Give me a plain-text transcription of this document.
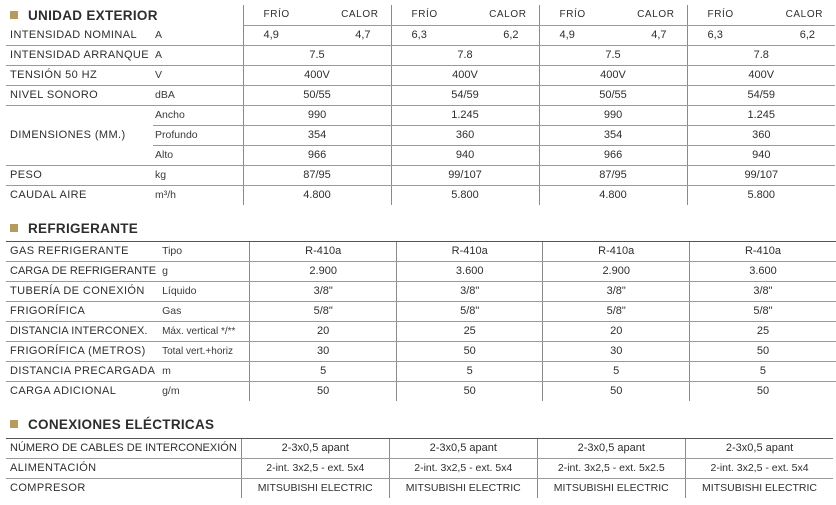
UNIDAD EXTERIOR
		FRÍO	CALOR	FRÍO	CALOR	FRÍO	CALOR	FRÍO	CALOR
INTENSIDAD NOMINAL	A	4,9	4,7	6,3	6,2	4,9	4,7	6,3	6,2
INTENSIDAD ARRANQUE	A	7.5		7.8		7.5		7.8	
TENSIÓN 50 HZ	V	400V		400V		400V		400V	
NIVEL SONORO	dBA	50/55		54/59		50/55		54/59	
DIMENSIONES (MM.)	Ancho	990		1.245		990		1.245	
	Profundo	354		360		354		360	
	Alto	966		940		966		940	
PESO	kg	87/95		99/107		87/95		99/107	
CAUDAL AIRE	m³/h	4.800		5.800		4.800		5.800	
REFRIGERANTE
GAS REFRIGERANTE	Tipo	R-410a	R-410a	R-410a	R-410a
CARGA DE REFRIGERANTE	g	2.900	3.600	2.900	3.600
TUBERÍA DE CONEXIÓN	Líquido	3/8"	3/8"	3/8"	3/8"
FRIGORÍFICA	Gas	5/8"	5/8"	5/8"	5/8"
DISTANCIA INTERCONEX.	Máx. vertical */**	20	25	20	25
FRIGORÍFICA (METROS)	Total vert.+horiz	30	50	30	50
DISTANCIA PRECARGADA	m	5	5	5	5
CARGA ADICIONAL	g/m	50	50	50	50
CONEXIONES ELÉCTRICAS
NÚMERO DE CABLES DE INTERCONEXIÓN	2-3x0,5 apant	2-3x0,5 apant	2-3x0,5 apant	2-3x0,5 apant
ALIMENTACIÓN	2-int. 3x2,5 - ext. 5x4	2-int. 3x2,5 - ext. 5x4	2-int. 3x2,5 - ext. 5x2.5	2-int. 3x2,5 - ext. 5x4
COMPRESOR	MITSUBISHI ELECTRIC	MITSUBISHI ELECTRIC	MITSUBISHI ELECTRIC	MITSUBISHI ELECTRIC
